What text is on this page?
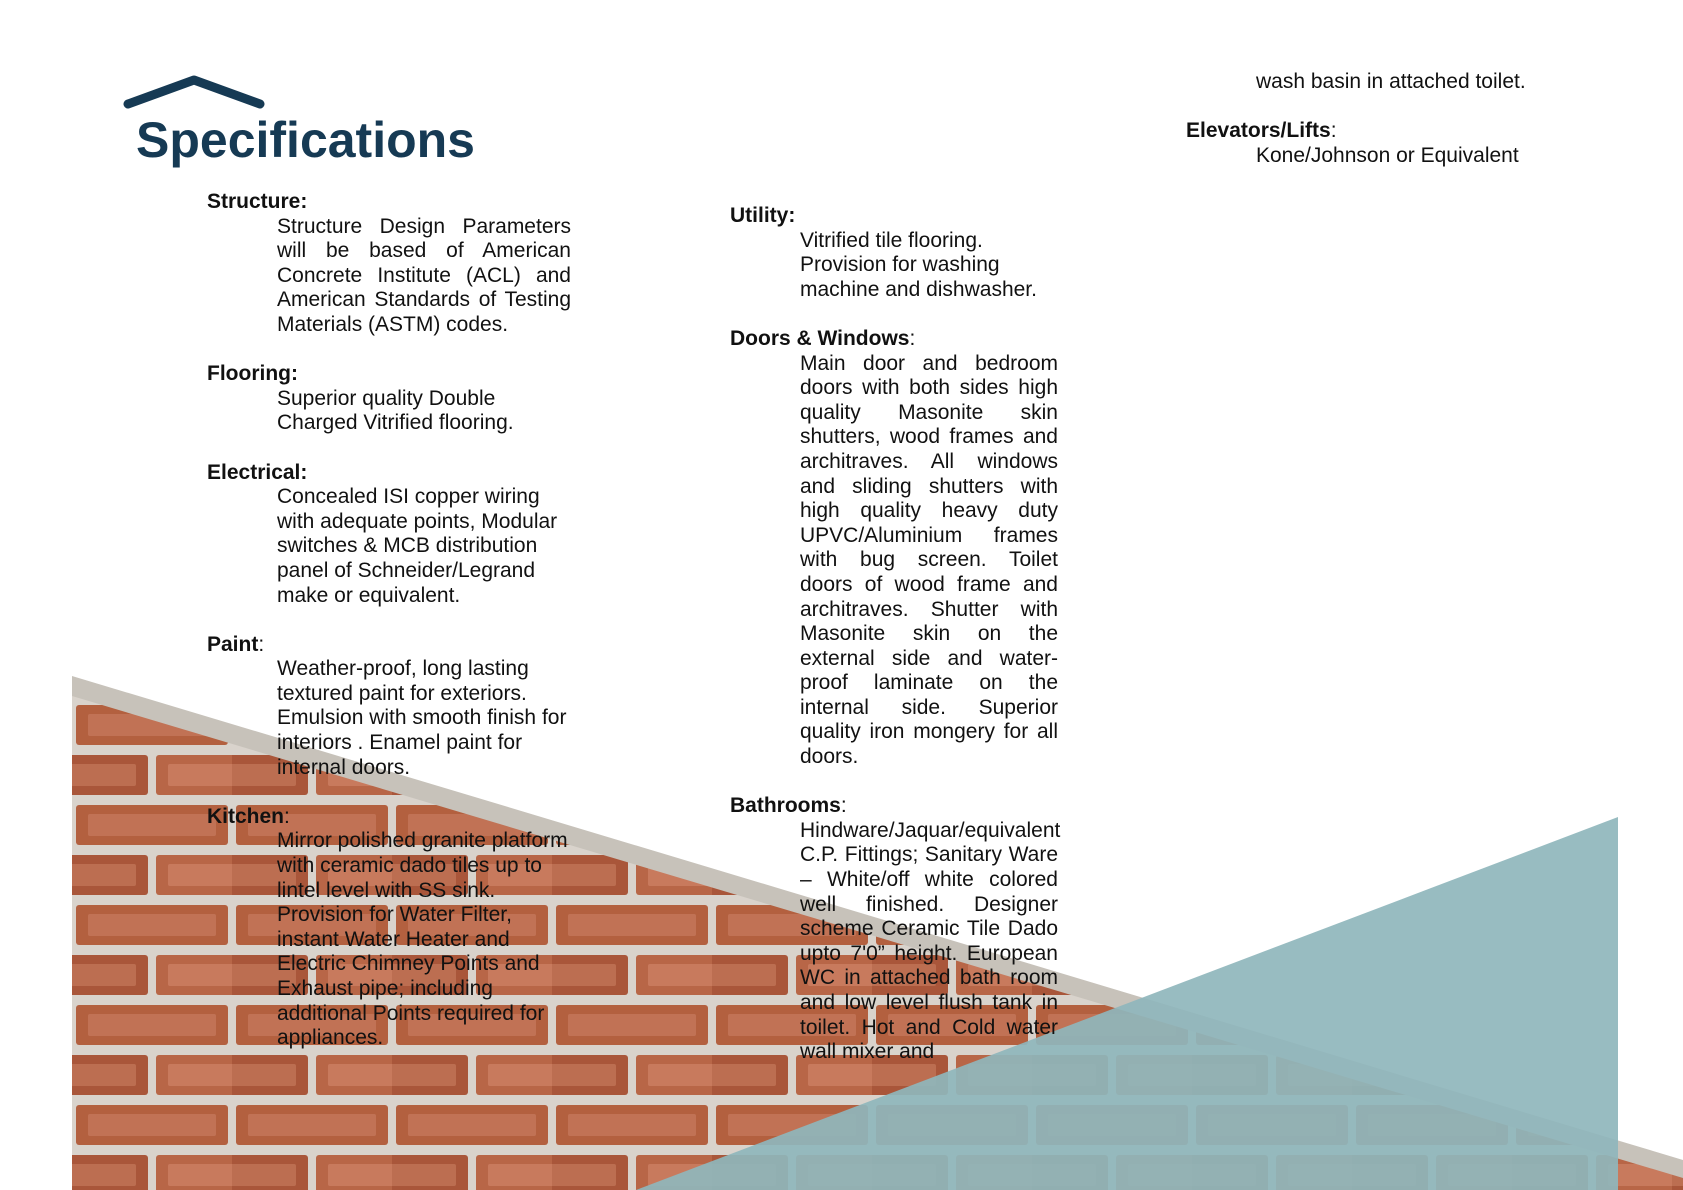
Specifications
Structure:
Structure Design Parameters will be based of American Concrete Institute (ACL) and American Standards of Testing Materials (ASTM) codes.
Flooring:
Superior quality Double Charged Vitrified flooring.
Electrical:
Concealed ISI copper wiring with adequate points, Modular switches & MCB distribution panel of Schneider/Legrand make or equivalent.
Paint:
Weather-proof, long lasting textured paint for exteriors. Emulsion with smooth finish for interiors . Enamel paint for internal doors.
Kitchen:
Mirror polished granite platform with ceramic dado tiles up to lintel level with SS sink. Provision for Water Filter, instant Water Heater and Electric Chimney Points and Exhaust pipe; including additional Points required for appliances.
Utility:
Vitrified tile flooring. Provision for washing machine and dishwasher.
Doors & Windows:
Main door and bedroom doors with both sides high quality Masonite skin shutters, wood frames and architraves. All windows and sliding shutters with high quality heavy duty UPVC/Aluminium frames with bug screen. Toilet doors of wood frame and architraves. Shutter with Masonite skin on the external side and water-proof laminate on the internal side. Superior quality iron mongery for all doors.
Bathrooms:
Hindware/Jaquar/equivalent C.P. Fittings; Sanitary Ware – White/off white colored well finished. Designer scheme Ceramic Tile Dado upto 7'0” height. European WC in attached bath room and low level flush tank in toilet. Hot and Cold water wall mixer and
wash basin in attached toilet.
Elevators/Lifts:
Kone/Johnson or Equivalent
